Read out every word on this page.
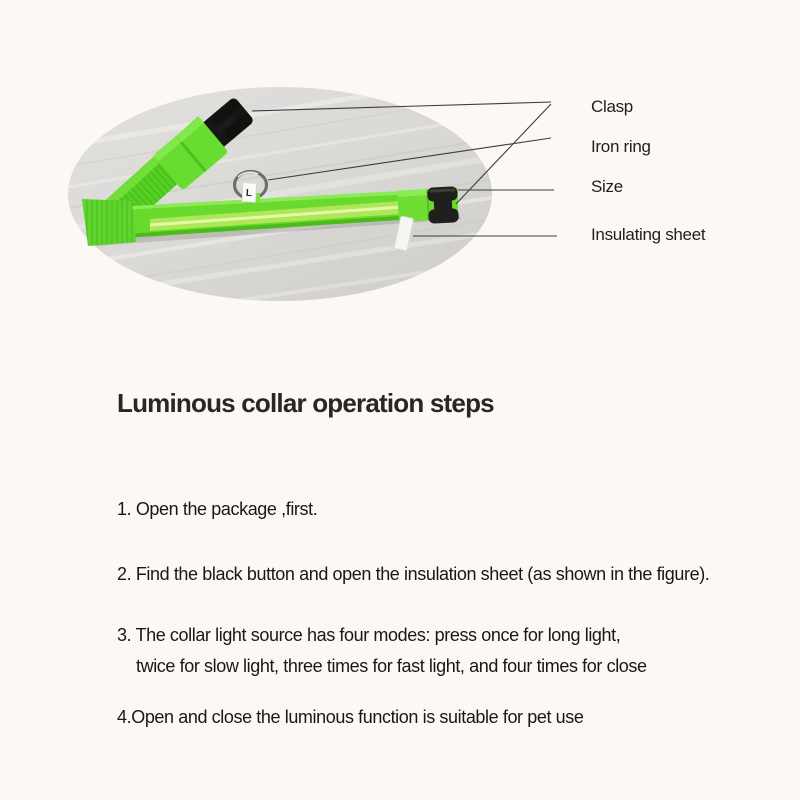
L
Clasp
Iron ring
Size
Insulating sheet
Luminous collar operation steps
1. Open the package ,first.
2. Find the black button and open the insulation sheet (as shown in the figure).
3. The collar light source has four modes: press once for long light,
twice for slow light, three times for fast light, and four times for close
4.Open and close the luminous function is suitable for pet use
